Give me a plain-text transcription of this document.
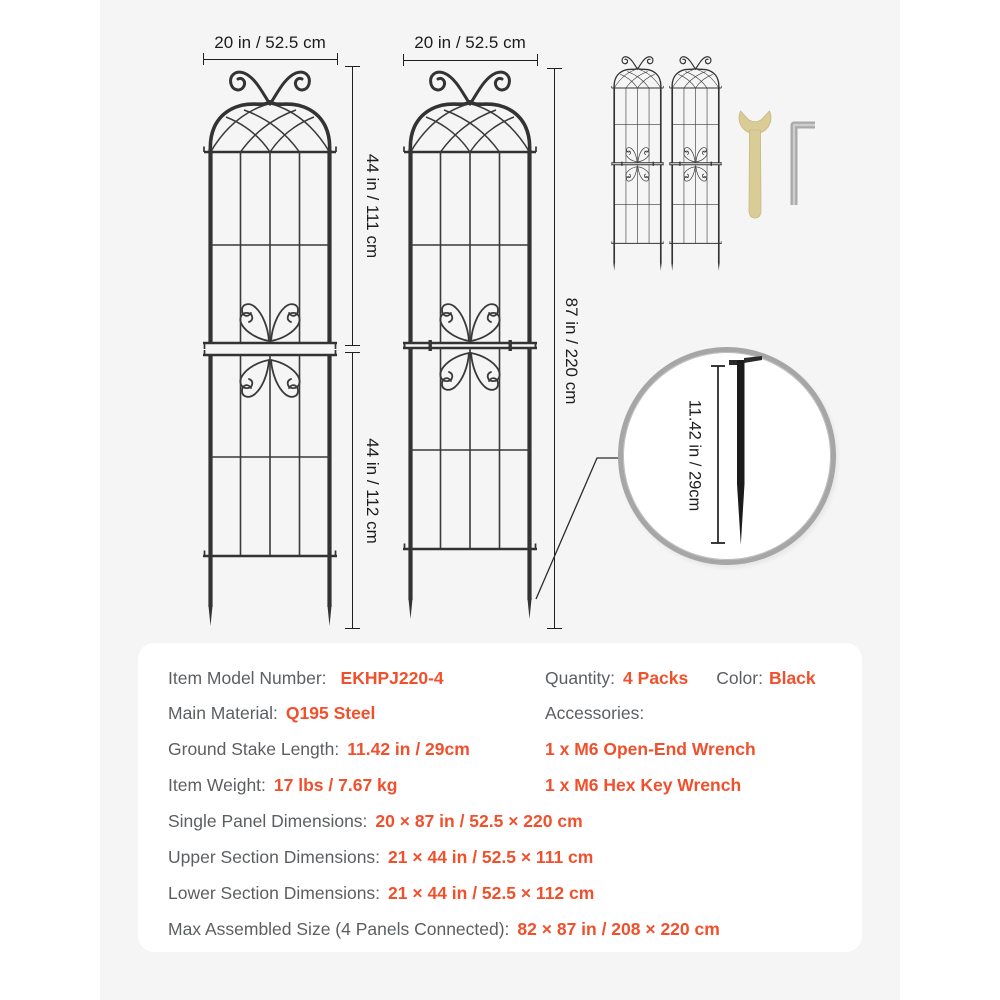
20 in / 52.5 cm	20 in / 52.5 cm
44 in / 111 cm
44 in / 112 cm
87 in / 220 cm
11.42 in / 29cm
Item Model Number: EKHPJ220-4
Main Material: Q195 Steel
Ground Stake Length: 11.42 in / 29cm
Item Weight: 17 lbs / 7.67 kg
Single Panel Dimensions: 20 × 87 in / 52.5 × 220 cm
Upper Section Dimensions: 21 × 44 in / 52.5 × 111 cm
Lower Section Dimensions: 21 × 44 in / 52.5 × 112 cm
Max Assembled Size (4 Panels Connected): 82 × 87 in / 208 × 220 cm
Quantity: 4 Packs Color: Black
Accessories:
1 x M6 Open-End Wrench
1 x M6 Hex Key Wrench
